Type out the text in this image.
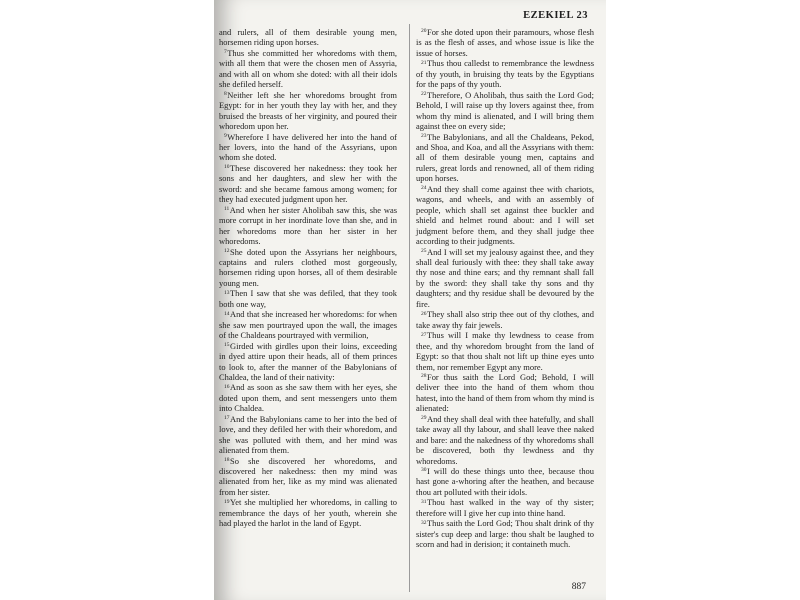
EZEKIEL 23

and rulers, all of them desirable young men, horsemen riding upon horses.

$^7$Thus she committed her whoredoms with them, with all them that were the chosen men of Assyria, and with all on whom she doted: with all their idols she defiled herself.

$^8$Neither left she her whoredoms brought from Egypt: for in her youth they lay with her, and they bruised the breasts of her virginity, and poured their whoredom upon her.

$^9$Wherefore I have delivered her into the hand of her lovers, into the hand of the Assyrians, upon whom she doted.

$^{10}$These discovered her nakedness: they took her sons and her daughters, and slew her with the sword: and she became famous among women; for they had executed judgment upon her.

$^{11}$And when her sister Aholibah saw this, she was more corrupt in her inordinate love than she, and in her whoredoms more than her sister in her whoredoms.

$^{12}$She doted upon the Assyrians her neighbours, captains and rulers clothed most gorgeously, horsemen riding upon horses, all of them desirable young men.

$^{13}$Then I saw that she was defiled, that they took both one way,

$^{14}$And that she increased her whoredoms: for when she saw men pourtrayed upon the wall, the images of the Chaldeans pourtrayed with vermilion,

$^{15}$Girded with girdles upon their loins, exceeding in dyed attire upon their heads, all of them princes to look to, after the manner of the Babylonians of Chaldea, the land of their nativity:

$^{16}$And as soon as she saw them with her eyes, she doted upon them, and sent messengers unto them into Chaldea.

$^{17}$And the Babylonians came to her into the bed of love, and they defiled her with their whoredom, and she was polluted with them, and her mind was alienated from them.

$^{18}$So she discovered her whoredoms, and discovered her nakedness: then my mind was alienated from her, like as my mind was alienated from her sister.

$^{19}$Yet she multiplied her whoredoms, in calling to remembrance the days of her youth, wherein she had played the harlot in the land of Egypt.

$^{20}$For she doted upon their paramours, whose flesh is as the flesh of asses, and whose issue is like the issue of horses.

$^{21}$Thus thou calledst to remembrance the lewdness of thy youth, in bruising thy teats by the Egyptians for the paps of thy youth.

$^{22}$Therefore, O Aholibah, thus saith the Lord God; Behold, I will raise up thy lovers against thee, from whom thy mind is alienated, and I will bring them against thee on every side;

$^{23}$The Babylonians, and all the Chaldeans, Pekod, and Shoa, and Koa, and all the Assyrians with them: all of them desirable young men, captains and rulers, great lords and renowned, all of them riding upon horses.

$^{24}$And they shall come against thee with chariots, wagons, and wheels, and with an assembly of people, which shall set against thee buckler and shield and helmet round about: and I will set judgment before them, and they shall judge thee according to their judgments.

$^{25}$And I will set my jealousy against thee, and they shall deal furiously with thee: they shall take away thy nose and thine ears; and thy remnant shall fall by the sword: they shall take thy sons and thy daughters; and thy residue shall be devoured by the fire.

$^{26}$They shall also strip thee out of thy clothes, and take away thy fair jewels.

$^{27}$Thus will I make thy lewdness to cease from thee, and thy whoredom brought from the land of Egypt: so that thou shalt not lift up thine eyes unto them, nor remember Egypt any more.

$^{28}$For thus saith the Lord God; Behold, I will deliver thee into the hand of them whom thou hatest, into the hand of them from whom thy mind is alienated:

$^{29}$And they shall deal with thee hatefully, and shall take away all thy labour, and shall leave thee naked and bare: and the nakedness of thy whoredoms shall be discovered, both thy lewdness and thy whoredoms.

$^{30}$I will do these things unto thee, because thou hast gone a-whoring after the heathen, and because thou art polluted with their idols.

$^{31}$Thou hast walked in the way of thy sister; therefore will I give her cup into thine hand.

$^{32}$Thus saith the Lord God; Thou shalt drink of thy sister's cup deep and large: thou shalt be laughed to scorn and had in derision; it containeth much.

887
